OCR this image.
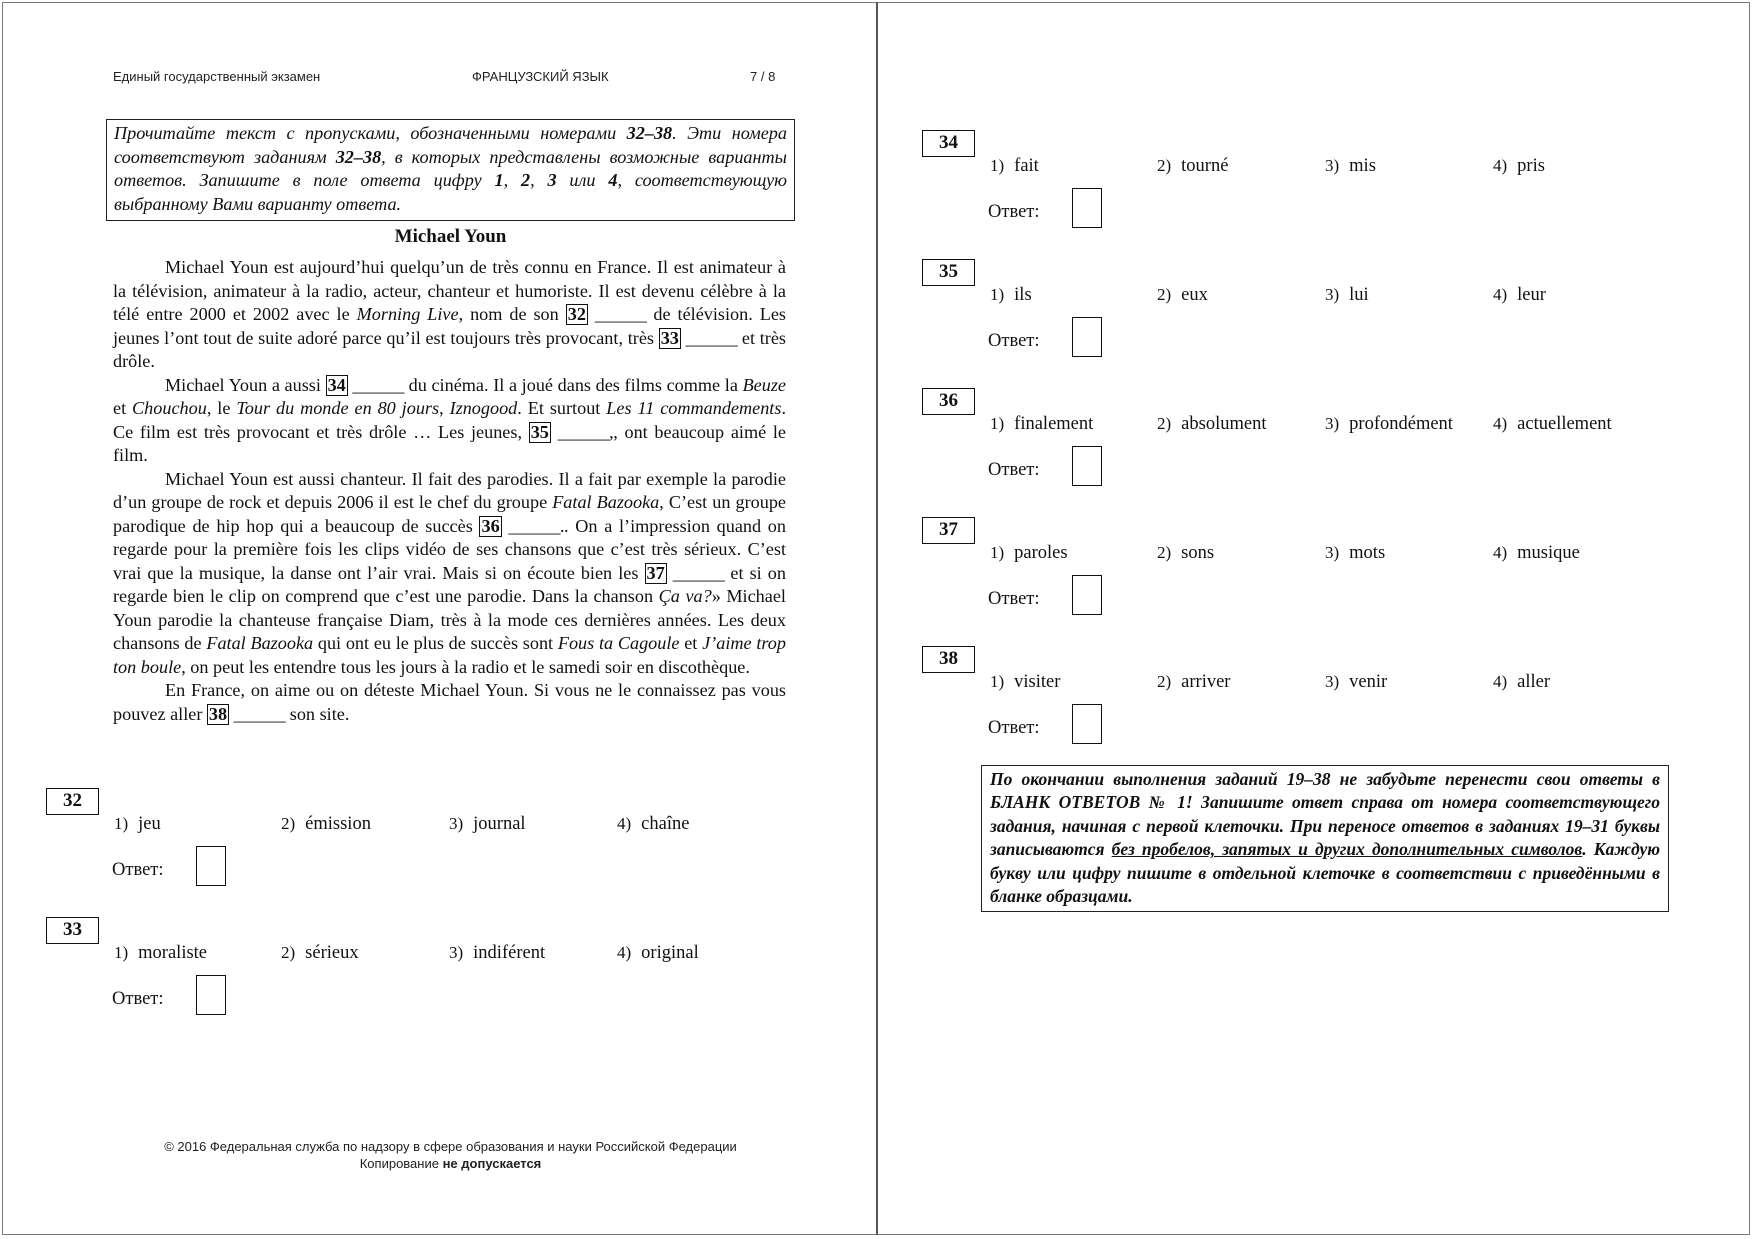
Единый государственный экзамен	ФРАНЦУЗСКИЙ ЯЗЫК	7 / 8
Прочитайте текст с пропусками, обозначенными номерами 32–38. Эти номера соответствуют заданиям 32–38, в которых представлены возможные варианты ответов. Запишите в поле ответа цифру 1, 2, 3 или 4, соответствующую выбранному Вами варианту ответа.
Michael Youn

Michael Youn est aujourd’hui quelqu’un de très connu en France. Il est animateur à la télévision, animateur à la radio, acteur, chanteur et humoriste. Il est devenu célèbre à la télé entre 2000 et 2002 avec le Morning Live, nom de son 32 ______ de télévision. Les jeunes l’ont tout de suite adoré parce qu’il est toujours très provocant, très 33 ______ et très drôle.

Michael Youn a aussi 34 ______ du cinéma. Il a joué dans des films comme la Beuze et Chouchou, le Tour du monde en 80 jours, Iznogood. Et surtout Les 11 commandements. Ce film est très provocant et très drôle … Les jeunes, 35 ______,, ont beaucoup aimé le film.

Michael Youn est aussi chanteur. Il fait des parodies. Il a fait par exemple la parodie d’un groupe de rock et depuis 2006 il est le chef du groupe Fatal Bazooka, C’est un groupe parodique de hip hop qui a beaucoup de succès 36 ______.. On a l’impression quand on regarde pour la première fois les clips vidéo de ses chansons que c’est très sérieux. C’est vrai que la musique, la danse ont l’air vrai. Mais si on écoute bien les 37 ______ et si on regarde bien le clip on comprend que c’est une parodie. Dans la chanson Ça va?» Michael Youn parodie la chanteuse française Diam, très à la mode ces dernières années. Les deux chansons de Fatal Bazooka qui ont eu le plus de succès sont Fous ta Cagoule et J’aime trop ton boule, on peut les entendre tous les jours à la radio et le samedi soir en discothèque.

En France, on aime ou on déteste Michael Youn. Si vous ne le connaissez pas vous pouvez aller 38 ______ son site.

32
1) jeu	2) émission	3) journal	4) chaîne
Ответ:
33
1) moraliste	2) sérieux	3) indiférent	4) original
Ответ:
34
1) fait	2) tourné	3) mis	4) pris
Ответ:
35
1) ils	2) eux	3) lui	4) leur
Ответ:
36
1) finalement	2) absolument	3) profondément 4) actuellement
Ответ:
37
1) paroles	2) sons	3) mots	4) musique
Ответ:
38
1) visiter	2) arriver	3) venir	4) aller
Ответ:
По окончании выполнения заданий 19–38 не забудьте перенести свои ответы в БЛАНК ОТВЕТОВ № 1! Запишите ответ справа от номера соответствующего задания, начиная с первой клеточки. При переносе ответов в заданиях 19–31 буквы записываются без пробелов, запятых и других дополнительных символов. Каждую букву или цифру пишите в отдельной клеточке в соответствии с приведёнными в бланке образцами.
© 2016 Федеральная служба по надзору в сфере образования и науки Российской Федерации
Копирование не допускается
